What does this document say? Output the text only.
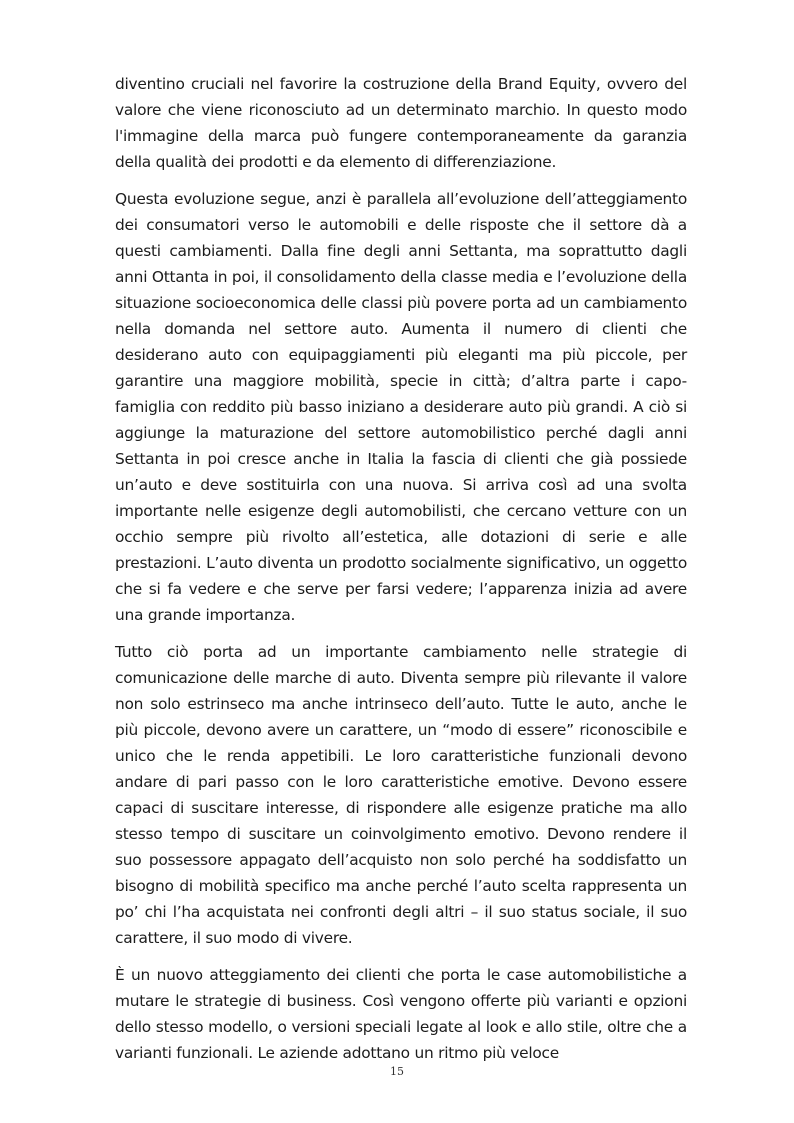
diventino cruciali nel favorire la costruzione della Brand Equity, ovvero del valore che viene riconosciuto ad un determinato marchio. In questo modo l'immagine della marca può fungere contemporaneamente da garanzia della qualità dei prodotti e da elemento di differenziazione.

Questa evoluzione segue, anzi è parallela all’evoluzione dell’atteggiamento dei consumatori verso le automobili e delle risposte che il settore dà a questi cambiamenti. Dalla fine degli anni Settanta, ma soprattutto dagli anni Ottanta in poi, il consolidamento della classe media e l’evoluzione della situazione socioeconomica delle classi più povere porta ad un cambiamento nella domanda nel settore auto. Aumenta il numero di clienti che desiderano auto con equipaggiamenti più eleganti ma più piccole, per garantire una maggiore mobilità, specie in città; d’altra parte i capo-famiglia con reddito più basso iniziano a desiderare auto più grandi. A ciò si aggiunge la maturazione del settore automobilistico perché dagli anni Settanta in poi cresce anche in Italia la fascia di clienti che già possiede un’auto e deve sostituirla con una nuova. Si arriva così ad una svolta importante nelle esigenze degli automobilisti, che cercano vetture con un occhio sempre più rivolto all’estetica, alle dotazioni di serie e alle prestazioni. L’auto diventa un prodotto socialmente significativo, un oggetto che si fa vedere e che serve per farsi vedere; l’apparenza inizia ad avere una grande importanza.

Tutto ciò porta ad un importante cambiamento nelle strategie di comunicazione delle marche di auto. Diventa sempre più rilevante il valore non solo estrinseco ma anche intrinseco dell’auto. Tutte le auto, anche le più piccole, devono avere un carattere, un “modo di essere” riconoscibile e unico che le renda appetibili. Le loro caratteristiche funzionali devono andare di pari passo con le loro caratteristiche emotive. Devono essere capaci di suscitare interesse, di rispondere alle esigenze pratiche ma allo stesso tempo di suscitare un coinvolgimento emotivo. Devono rendere il suo possessore appagato dell’acquisto non solo perché ha soddisfatto un bisogno di mobilità specifico ma anche perché l’auto scelta rappresenta un po’ chi l’ha acquistata nei confronti degli altri – il suo status sociale, il suo carattere, il suo modo di vivere.

È un nuovo atteggiamento dei clienti che porta le case automobilistiche a mutare le strategie di business. Così vengono offerte più varianti e opzioni dello stesso modello, o versioni speciali legate al look e allo stile, oltre che a varianti funzionali. Le aziende adottano un ritmo più veloce

15
